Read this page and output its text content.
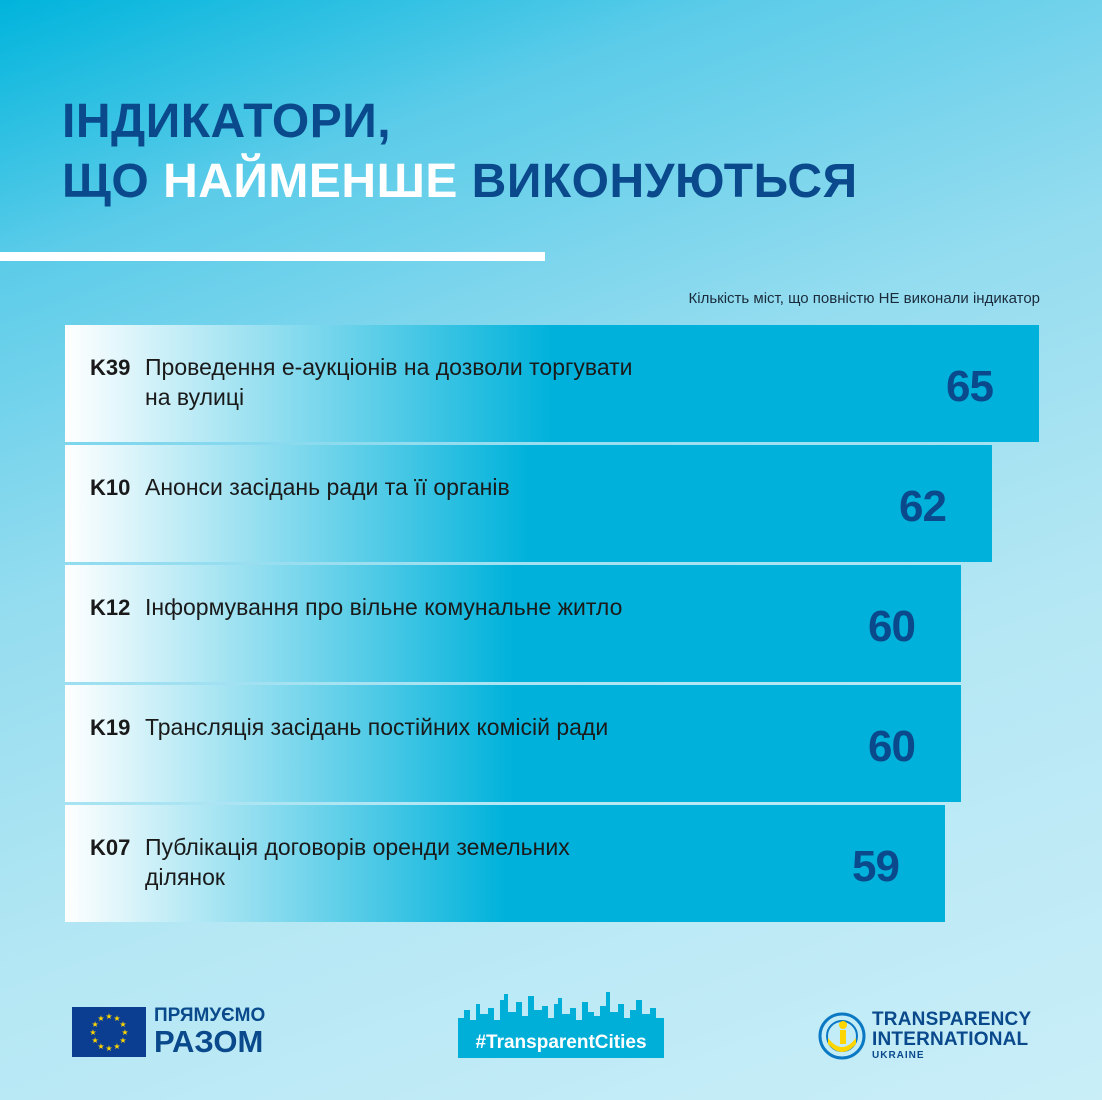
ІНДИКАТОРИ,
ЩО НАЙМЕНШЕ ВИКОНУЮТЬСЯ
Кількість міст, що повністю НЕ виконали індикатор
K39 Проведення е-аукціонів на дозволи торгувати
на вулиці	65
K10 Анонси засідань ради та її органів	62
K12 Інформування про вільне комунальне житло	60
K19 Трансляція засідань постійних комісій ради	60
K07 Публікація договорів оренди земельних
ділянок	59
★ ★
★
★
★
★
★
★
★
★
★
★	ПРЯМУЄМО
РАЗОМ	#TransparentCities
TRANSPARENCY
INTERNATIONAL
UKRAINE
